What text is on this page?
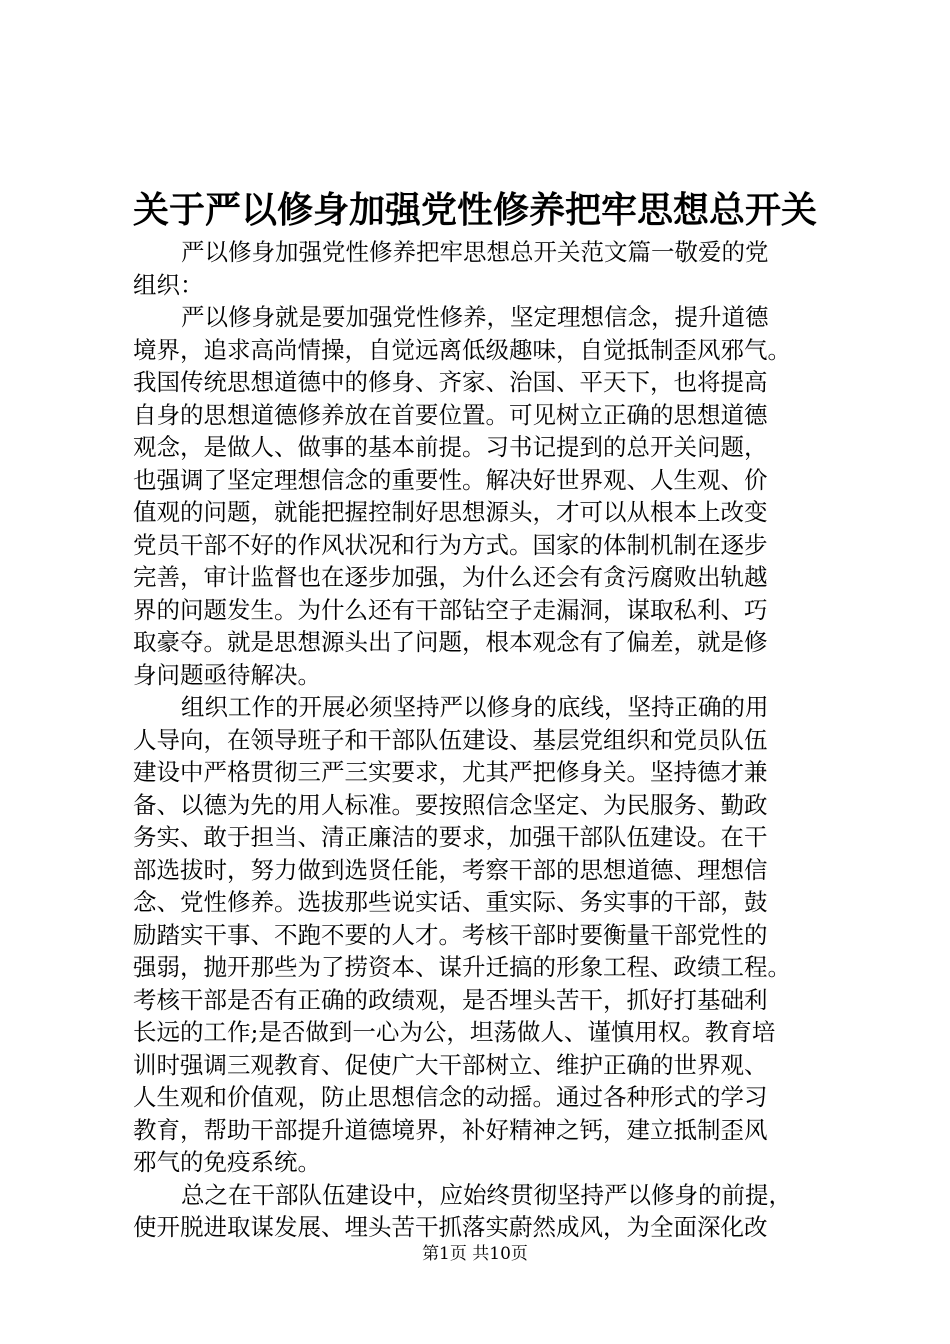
关于严以修身加强党性修养把牢思想总开关
严以修身加强党性修养把牢思想总开关范文篇一敬爱的党
组织：
严以修身就是要加强党性修养，坚定理想信念，提升道德
境界，追求高尚情操，自觉远离低级趣味，自觉抵制歪风邪气。
我国传统思想道德中的修身、齐家、治国、平天下，也将提高
自身的思想道德修养放在首要位置。可见树立正确的思想道德
观念，是做人、做事的基本前提。习书记提到的总开关问题，
也强调了坚定理想信念的重要性。解决好世界观、人生观、价
值观的问题，就能把握控制好思想源头，才可以从根本上改变
党员干部不好的作风状况和行为方式。国家的体制机制在逐步
完善，审计监督也在逐步加强，为什么还会有贪污腐败出轨越
界的问题发生。为什么还有干部钻空子走漏洞，谋取私利、巧
取豪夺。就是思想源头出了问题，根本观念有了偏差，就是修
身问题亟待解决。
组织工作的开展必须坚持严以修身的底线，坚持正确的用
人导向，在领导班子和干部队伍建设、基层党组织和党员队伍
建设中严格贯彻三严三实要求，尤其严把修身关。坚持德才兼
备、以德为先的用人标准。要按照信念坚定、为民服务、勤政
务实、敢于担当、清正廉洁的要求，加强干部队伍建设。在干
部选拔时，努力做到选贤任能，考察干部的思想道德、理想信
念、党性修养。选拔那些说实话、重实际、务实事的干部，鼓
励踏实干事、不跑不要的人才。考核干部时要衡量干部党性的
强弱，抛开那些为了捞资本、谋升迁搞的形象工程、政绩工程。
考核干部是否有正确的政绩观，是否埋头苦干，抓好打基础利
长远的工作;是否做到一心为公，坦荡做人、谨慎用权。教育培
训时强调三观教育、促使广大干部树立、维护正确的世界观、
人生观和价值观，防止思想信念的动摇。通过各种形式的学习
教育，帮助干部提升道德境界，补好精神之钙，建立抵制歪风
邪气的免疫系统。
总之在干部队伍建设中，应始终贯彻坚持严以修身的前提，
使开脱进取谋发展、埋头苦干抓落实蔚然成风，为全面深化改
第1页 共10页
